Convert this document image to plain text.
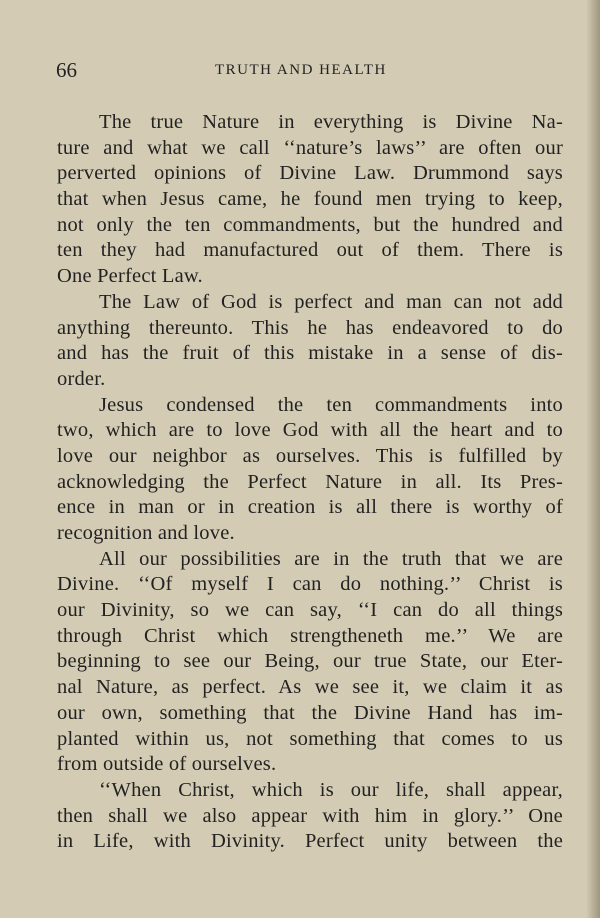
66	TRUTH AND HEALTH
The true Nature in everything is Divine Na-
ture and what we call ‘‘nature’s laws’’ are often our
perverted opinions of Divine Law. Drummond says
that when Jesus came, he found men trying to keep,
not only the ten commandments, but the hundred and
ten they had manufactured out of them. There is
One Perfect Law.
The Law of God is perfect and man can not add
anything thereunto. This he has endeavored to do
and has the fruit of this mistake in a sense of dis-
order.
Jesus condensed the ten commandments into
two, which are to love God with all the heart and to
love our neighbor as ourselves. This is fulfilled by
acknowledging the Perfect Nature in all. Its Pres-
ence in man or in creation is all there is worthy of
recognition and love.
All our possibilities are in the truth that we are
Divine. ‘‘Of myself I can do nothing.’’ Christ is
our Divinity, so we can say, ‘‘I can do all things
through Christ which strengtheneth me.’’ We are
beginning to see our Being, our true State, our Eter-
nal Nature, as perfect. As we see it, we claim it as
our own, something that the Divine Hand has im-
planted within us, not something that comes to us
from outside of ourselves.
‘‘When Christ, which is our life, shall appear,
then shall we also appear with him in glory.’’ One
in Life, with Divinity. Perfect unity between the
